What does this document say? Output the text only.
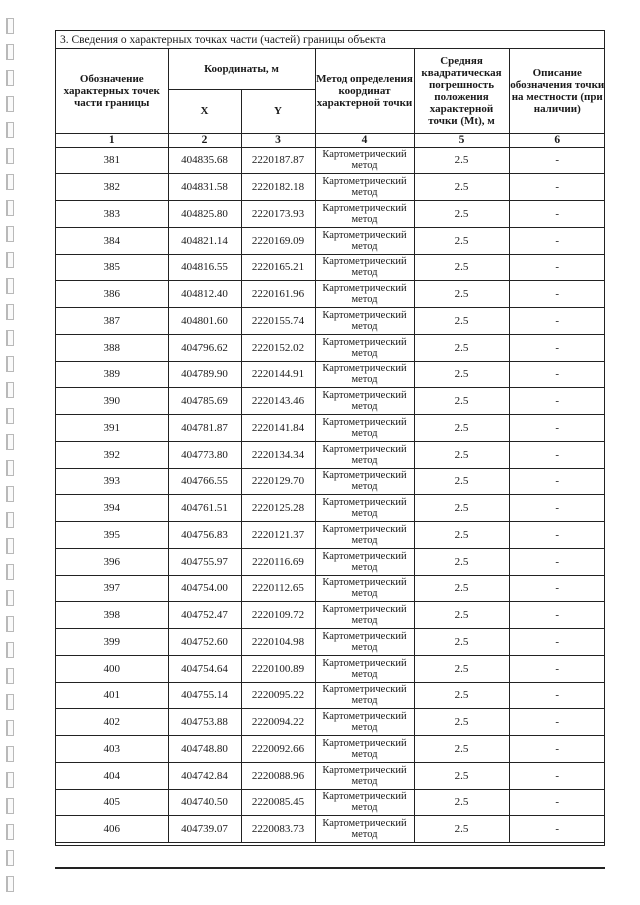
3. Сведения о характерных точках части (частей) границы объекта
Обозначение характерных точек части границы	Координаты, м		Метод определения координат характерной точки	Средняя квадратическая погрешность положения характерной точки (Mt), м	Описание обозначения точки на местности (при наличии)
	X	Y			
1	2	3	4	5	6
381	404835.68	2220187.87	Картометрический метод	2.5	-
382	404831.58	2220182.18	Картометрический метод	2.5	-
383	404825.80	2220173.93	Картометрический метод	2.5	-
384	404821.14	2220169.09	Картометрический метод	2.5	-
385	404816.55	2220165.21	Картометрический метод	2.5	-
386	404812.40	2220161.96	Картометрический метод	2.5	-
387	404801.60	2220155.74	Картометрический метод	2.5	-
388	404796.62	2220152.02	Картометрический метод	2.5	-
389	404789.90	2220144.91	Картометрический метод	2.5	-
390	404785.69	2220143.46	Картометрический метод	2.5	-
391	404781.87	2220141.84	Картометрический метод	2.5	-
392	404773.80	2220134.34	Картометрический метод	2.5	-
393	404766.55	2220129.70	Картометрический метод	2.5	-
394	404761.51	2220125.28	Картометрический метод	2.5	-
395	404756.83	2220121.37	Картометрический метод	2.5	-
396	404755.97	2220116.69	Картометрический метод	2.5	-
397	404754.00	2220112.65	Картометрический метод	2.5	-
398	404752.47	2220109.72	Картометрический метод	2.5	-
399	404752.60	2220104.98	Картометрический метод	2.5	-
400	404754.64	2220100.89	Картометрический метод	2.5	-
401	404755.14	2220095.22	Картометрический метод	2.5	-
402	404753.88	2220094.22	Картометрический метод	2.5	-
403	404748.80	2220092.66	Картометрический метод	2.5	-
404	404742.84	2220088.96	Картометрический метод	2.5	-
405	404740.50	2220085.45	Картометрический метод	2.5	-
406	404739.07	2220083.73	Картометрический метод	2.5	-
